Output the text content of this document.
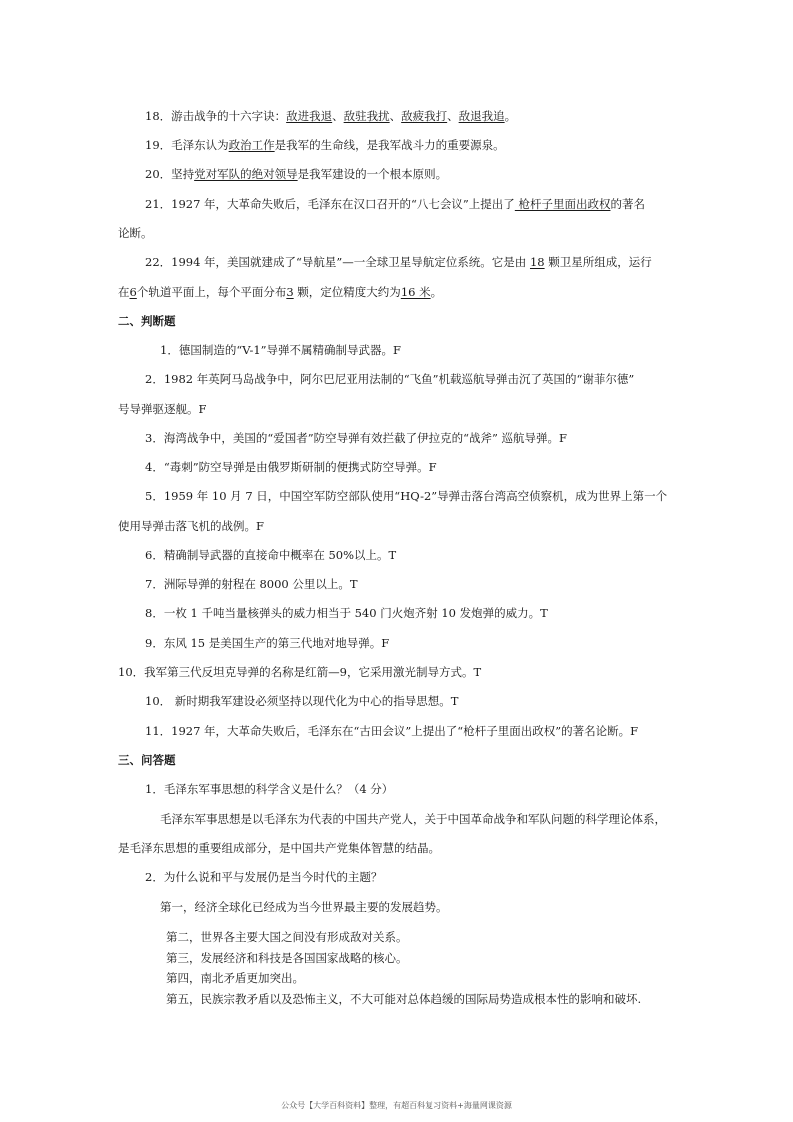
18．游击战争的十六字诀：敌进我退、敌驻我扰、敌疲我打、敌退我追。
19．毛泽东认为政治工作是我军的生命线，是我军战斗力的重要源泉。
20．坚持党对军队的绝对领导是我军建设的一个根本原则。
21．1927 年，大革命失败后，毛泽东在汉口召开的“八七会议”上提出了 枪杆子里面出政权的著名
论断。
22．1994 年，美国就建成了“导航星”—一全球卫星导航定位系统。它是由 18 颗卫星所组成，运行
在6个轨道平面上，每个平面分布3 颗，定位精度大约为16 米。
二、判断题
1．德国制造的“V-1”导弹不属精确制导武器。F
2．1982 年英阿马岛战争中，阿尔巴尼亚用法制的“飞鱼”机载巡航导弹击沉了英国的“谢菲尔德”
号导弹驱逐舰。F
3．海湾战争中，美国的“爱国者”防空导弹有效拦截了伊拉克的“战斧” 巡航导弹。F
4．“毒刺”防空导弹是由俄罗斯研制的便携式防空导弹。F
5．1959 年 10 月 7 日，中国空军防空部队使用“HQ-2”导弹击落台湾高空侦察机，成为世界上第一个
使用导弹击落飞机的战例。F
6．精确制导武器的直接命中概率在 50%以上。T
7．洲际导弹的射程在 8000 公里以上。T
8．一枚 1 千吨当量核弹头的威力相当于 540 门火炮齐射 10 发炮弹的威力。T
9．东风 15 是美国生产的第三代地对地导弹。F
10．我军第三代反坦克导弹的名称是红箭—9，它采用激光制导方式。T
10． 新时期我军建设必须坚持以现代化为中心的指导思想。T
11．1927 年，大革命失败后，毛泽东在“古田会议”上提出了“枪杆子里面出政权”的著名论断。F
三、问答题
1．毛泽东军事思想的科学含义是什么？（4 分）
毛泽东军事思想是以毛泽东为代表的中国共产党人，关于中国革命战争和军队问题的科学理论体系，
是毛泽东思想的重要组成部分，是中国共产党集体智慧的结晶。
2．为什么说和平与发展仍是当今时代的主题？
第一，经济全球化已经成为当今世界最主要的发展趋势。
第二，世界各主要大国之间没有形成敌对关系。
第三，发展经济和科技是各国国家战略的核心。
第四，南北矛盾更加突出。
第五，民族宗教矛盾以及恐怖主义，不大可能对总体趋缓的国际局势造成根本性的影响和破坏.
公众号【大学百科资料】整理，有超百科复习资料+海量网课资源
